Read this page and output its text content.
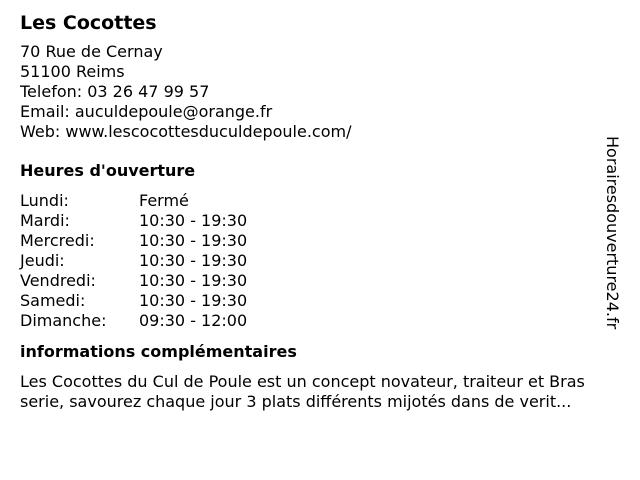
Les Cocottes
70 Rue de Cernay
51100 Reims
Telefon: 03 26 47 99 57
Email: auculdepoule@orange.fr
Web: www.lescocottesduculdepoule.com/
Heures d'ouverture
Lundi:	Fermé
Mardi:	10:30 - 19:30
Mercredi:	10:30 - 19:30
Jeudi:	10:30 - 19:30
Vendredi:	10:30 - 19:30
Samedi:	10:30 - 19:30
Dimanche:	09:30 - 12:00
informations complémentaires
Les Cocottes du Cul de Poule est un concept novateur, traiteur et Bras
serie, savourez chaque jour 3 plats différents mijotés dans de verit...
Horairesdouverture24.fr
